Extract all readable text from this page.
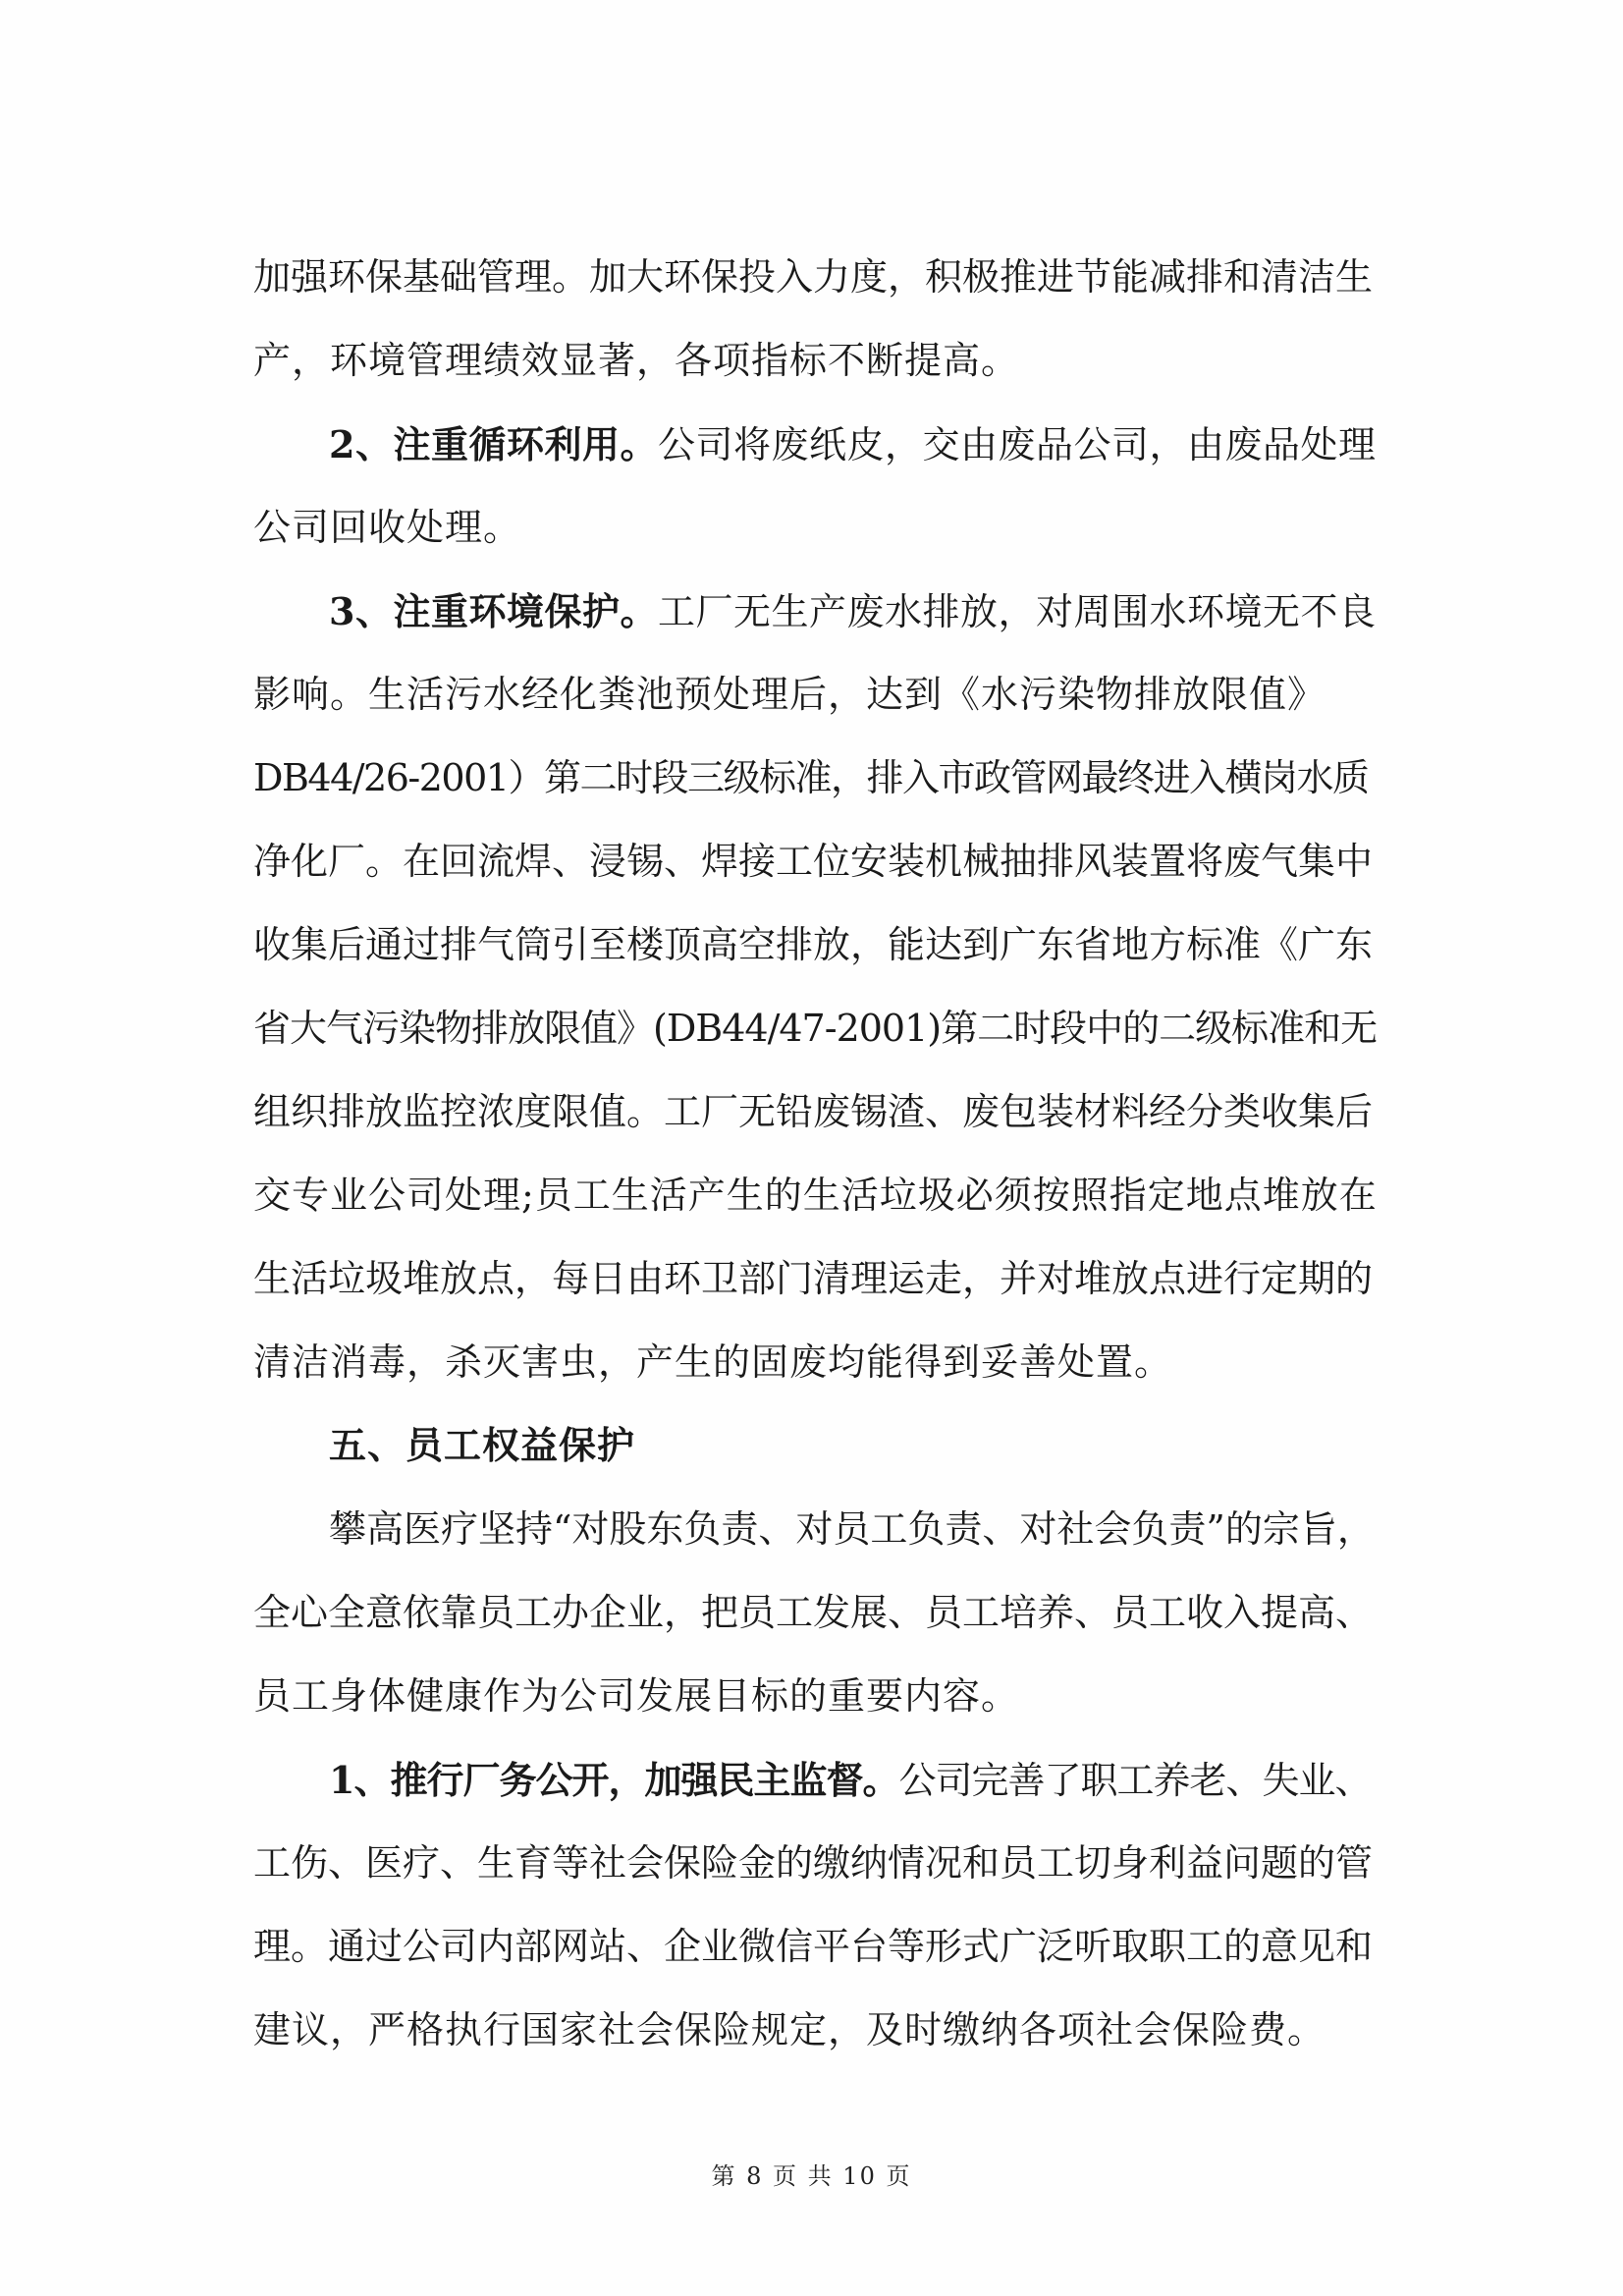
加强环保基础管理。加大环保投入力度，积极推进节能减排和清洁生
产，环境管理绩效显著，各项指标不断提高。
2、注重循环利用。公司将废纸皮，交由废品公司，由废品处理
公司回收处理。
3、注重环境保护。工厂无生产废水排放，对周围水环境无不良
影响。生活污水经化粪池预处理后，达到《水污染物排放限值》
DB44/26-2001）第二时段三级标准，排入市政管网最终进入横岗水质
净化厂。在回流焊、浸锡、焊接工位安装机械抽排风装置将废气集中
收集后通过排气筒引至楼顶高空排放，能达到广东省地方标准《广东
省大气污染物排放限值》(DB44/47-2001)第二时段中的二级标准和无
组织排放监控浓度限值。工厂无铅废锡渣、废包装材料经分类收集后
交专业公司处理;员工生活产生的生活垃圾必须按照指定地点堆放在
生活垃圾堆放点，每日由环卫部门清理运走，并对堆放点进行定期的
清洁消毒，杀灭害虫，产生的固废均能得到妥善处置。
五、员工权益保护
攀高医疗坚持“对股东负责、对员工负责、对社会负责”的宗旨，
全心全意依靠员工办企业，把员工发展、员工培养、员工收入提高、
员工身体健康作为公司发展目标的重要内容。
1、推行厂务公开，加强民主监督。公司完善了职工养老、失业、
工伤、医疗、生育等社会保险金的缴纳情况和员工切身利益问题的管
理。通过公司内部网站、企业微信平台等形式广泛听取职工的意见和
建议，严格执行国家社会保险规定，及时缴纳各项社会保险费。
第 8 页 共 10 页
